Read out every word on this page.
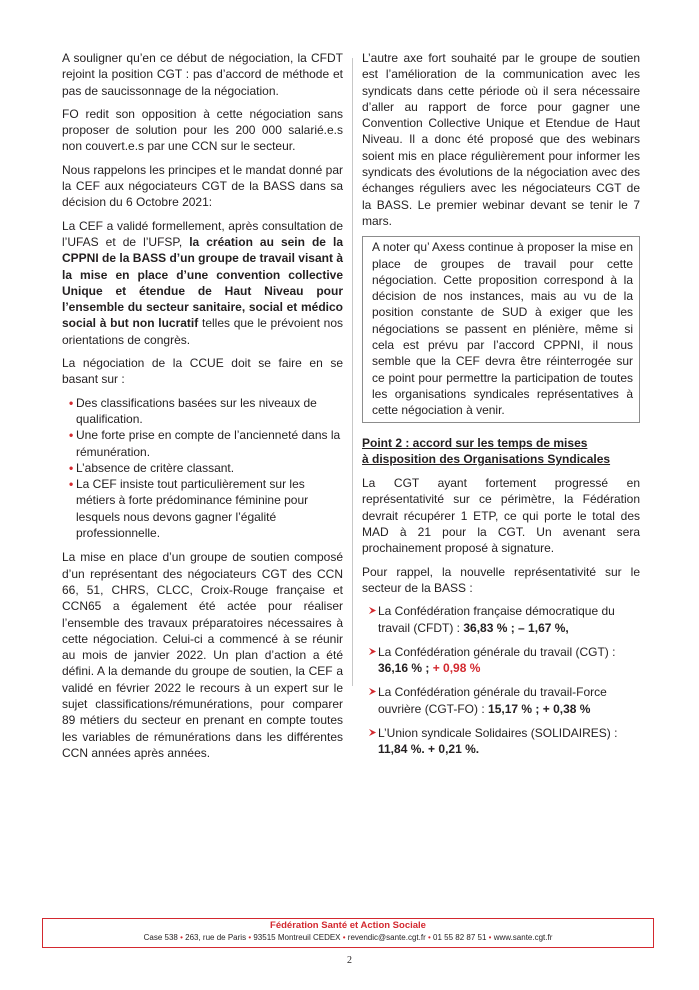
A souligner qu’en ce début de négociation, la CFDT rejoint la position CGT : pas d’accord de méthode et pas de saucissonnage de la négociation.

FO redit son opposition à cette négociation sans proposer de solution pour les 200 000 salarié.e.s non couvert.e.s par une CCN sur le secteur.

Nous rappelons les principes et le mandat donné par la CEF aux négociateurs CGT de la BASS dans sa décision du 6 Octobre 2021:

La CEF a validé formellement, après consultation de l’UFAS et de l’UFSP, la création au sein de la CPPNI de la BASS d’un groupe de travail visant à la mise en place d’une convention collective Unique et étendue de Haut Niveau pour l’ensemble du secteur sanitaire, social et médico social à but non lucratif telles que le prévoient nos orientations de congrès.

La négociation de la CCUE doit se faire en se basant sur :

• Des classifications basées sur les niveaux de qualification.
• Une forte prise en compte de l’ancienneté dans la rémunération.
• L’absence de critère classant.
• La CEF insiste tout particulièrement sur les métiers à forte prédominance féminine pour lesquels nous devons gagner l’égalité professionnelle.

La mise en place d’un groupe de soutien composé d’un représentant des négociateurs CGT des CCN 66, 51, CHRS, CLCC, Croix-Rouge française et CCN65 a également été actée pour réaliser l’ensemble des travaux préparatoires nécessaires à cette négociation. Celui-ci a commencé à se réunir au mois de janvier 2022. Un plan d’action a été défini. A la demande du groupe de soutien, la CEF a validé en février 2022 le recours à un expert sur le sujet classifications/rémunérations, pour comparer 89 métiers du secteur en prenant en compte toutes les variables de rémunérations dans les différentes CCN années après années.

L’autre axe fort souhaité par le groupe de soutien est l’amélioration de la communication avec les syndicats dans cette période où il sera nécessaire d’aller au rapport de force pour gagner une Convention Collective Unique et Etendue de Haut Niveau. Il a donc été proposé que des webinars soient mis en place régulièrement pour informer les syndicats des évolutions de la négociation avec des échanges réguliers avec les négociateurs CGT de la BASS. Le premier webinar devant se tenir le 7 mars.

A noter qu’ Axess continue à proposer la mise en place de groupes de travail pour cette négociation. Cette proposition correspond à la décision de nos instances, mais au vu de la position constante de SUD à exiger que les négociations se passent en plénière, même si cela est prévu par l’accord CPPNI, il nous semble que la CEF devra être réinterrogée sur ce point pour permettre la participation de toutes les organisations syndicales représentatives à cette négociation à venir.

Point 2 : accord sur les temps de mises
à disposition des Organisations Syndicales

La CGT ayant fortement progressé en représentativité sur ce périmètre, la Fédération devrait récupérer 1 ETP, ce qui porte le total des MAD à 21 pour la CGT. Un avenant sera prochainement proposé à signature.

Pour rappel, la nouvelle représentativité sur le secteur de la BASS :

La Confédération française démocratique du travail (CFDT) : 36,83 % ; – 1,67 %,
La Confédération générale du travail (CGT) : 36,16 % ; + 0,98 %
La Confédération générale du travail-Force ouvrière (CGT-FO) : 15,17 % ; + 0,38 %
L’Union syndicale Solidaires (SOLIDAIRES) : 11,84 %. + 0,21 %.
Fédération Santé et Action Sociale
Case 538 • 263, rue de Paris • 93515 Montreuil CEDEX • revendic@sante.cgt.fr • 01 55 82 87 51 • www.sante.cgt.fr
2
